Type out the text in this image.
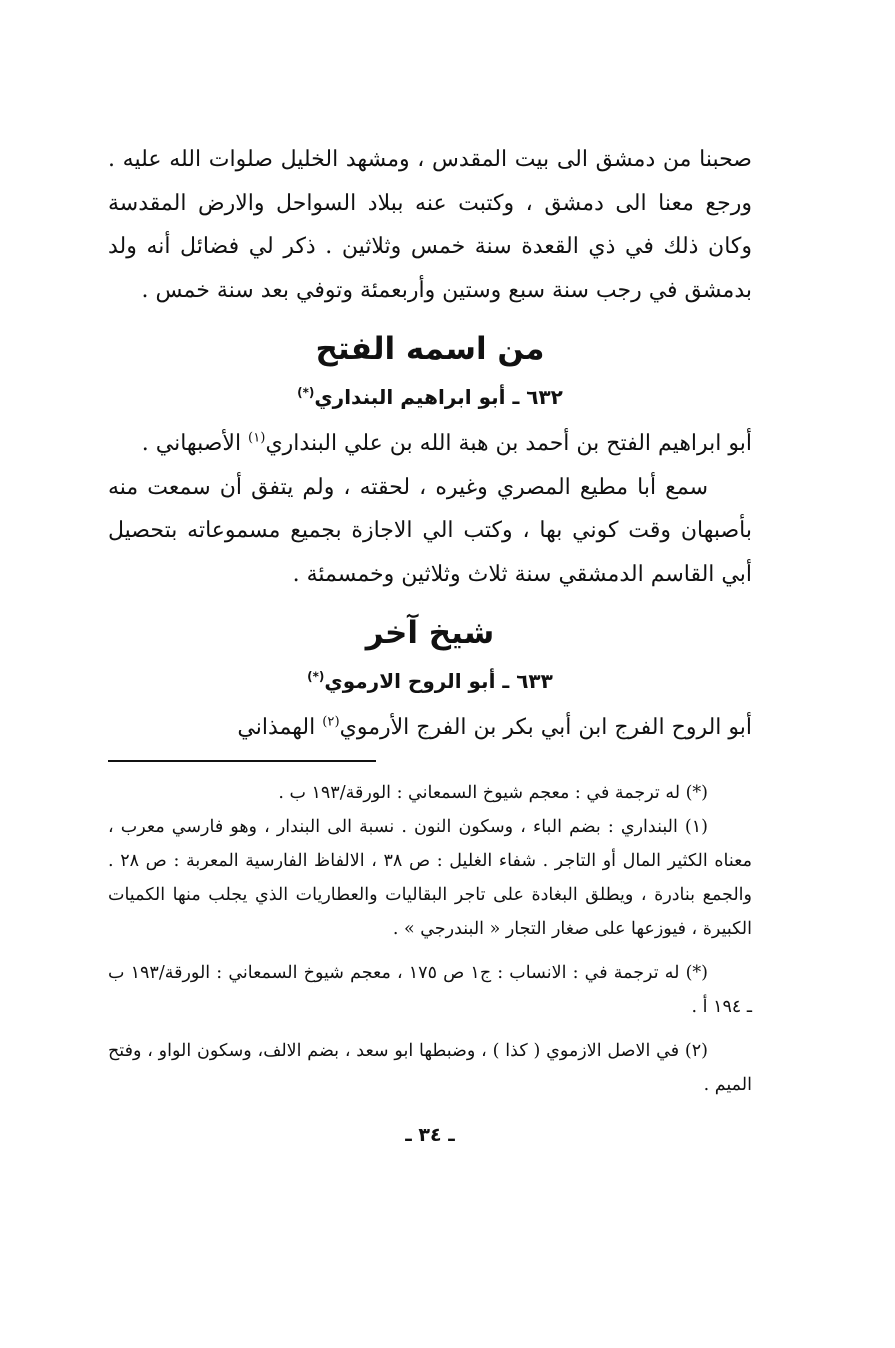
صحبنا من دمشق الى بيت المقدس ، ومشهد الخليل صلوات الله عليه . ورجع معنا الى دمشق ، وكتبت عنه ببلاد السواحل والارض المقدسة وكان ذلك في ذي القعدة سنة خمس وثلاثين . ذكر لي فضائل أنه ولد بدمشق في رجب سنة سبع وستين وأربعمئة وتوفي بعد سنة خمس .

من اسمه الفتح
٦٣٢ ـ أبو ابراهيم البنداري(*)

أبو ابراهيم الفتح بن أحمد بن هبة الله بن علي البنداري$^{(١)}$ الأصبهاني .

سمع أبا مطيع المصري وغيره ، لحقته ، ولم يتفق أن سمعت منه بأصبهان وقت كوني بها ، وكتب الي الاجازة بجميع مسموعاته بتحصيل أبي القاسم الدمشقي سنة ثلاث وثلاثين وخمسمئة .

شيخ آخر
٦٣٣ ـ أبو الروح الارموي(*)

أبو الروح الفرج ابن أبي بكر بن الفرج الأرموي$^{(٢)}$ الهمذاني

(*) له ترجمة في : معجم شيوخ السمعاني : الورقة/١٩٣ ب .

(١) البنداري : بضم الباء ، وسكون النون . نسبة الى البندار ، وهو فارسي معرب ، معناه الكثير المال أو التاجر . شفاء الغليل : ص ٣٨ ، الالفاظ الفارسية المعربة : ص ٢٨ . والجمع بنادرة ، ويطلق البغادة على تاجر البقاليات والعطاريات الذي يجلب منها الكميات الكبيرة ، فيوزعها على صغار التجار « البندرجي » .

(*) له ترجمة في : الانساب : ج١ ص ١٧٥ ، معجم شيوخ السمعاني : الورقة/١٩٣ ب ـ ١٩٤ أ .

(٢) في الاصل الازموي ( كذا ) ، وضبطها ابو سعد ، بضم الالف، وسكون الواو ، وفتح الميم .

ـ ٣٤ ـ
